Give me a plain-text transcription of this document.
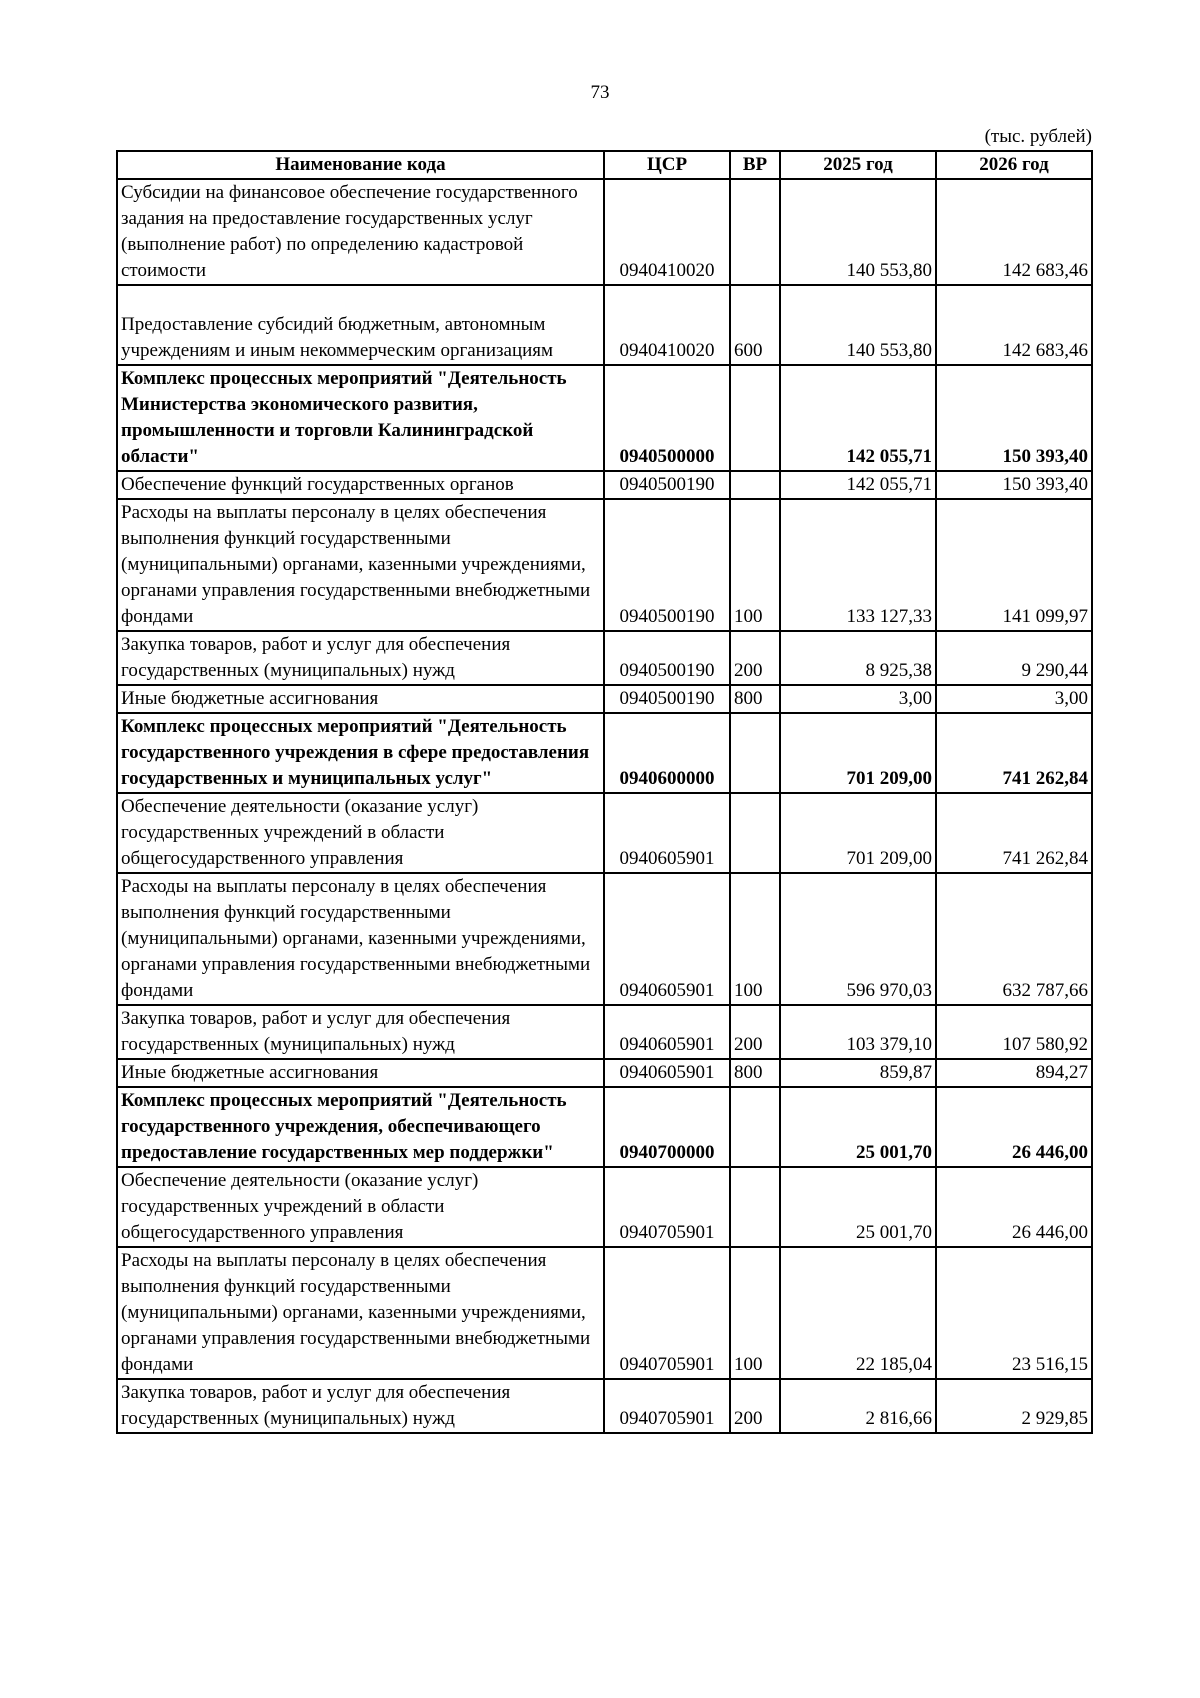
73
(тыс. рублей)
Наименование кода	ЦСР	ВР	2025 год	2026 год
Субсидии на финансовое обеспечение государственного задания на предоставление государственных услуг (выполнение работ) по определению кадастровой стоимости	0940410020		140 553,80	142 683,46
Предоставление субсидий бюджетным, автономным учреждениям и иным некоммерческим организациям	0940410020	600	140 553,80	142 683,46
Комплекс процессных мероприятий "Деятельность Министерства экономического развития, промышленности и торговли Калининградской области"	0940500000		142 055,71	150 393,40
Обеспечение функций государственных органов	0940500190		142 055,71	150 393,40
Расходы на выплаты персоналу в целях обеспечения выполнения функций государственными (муниципальными) органами, казенными учреждениями, органами управления государственными внебюджетными фондами	0940500190	100	133 127,33	141 099,97
Закупка товаров, работ и услуг для обеспечения государственных (муниципальных) нужд	0940500190	200	8 925,38	9 290,44
Иные бюджетные ассигнования	0940500190	800	3,00	3,00
Комплекс процессных мероприятий "Деятельность государственного учреждения в сфере предоставления государственных и муниципальных услуг"	0940600000		701 209,00	741 262,84
Обеспечение деятельности (оказание услуг) государственных учреждений в области общегосударственного управления	0940605901		701 209,00	741 262,84
Расходы на выплаты персоналу в целях обеспечения выполнения функций государственными (муниципальными) органами, казенными учреждениями, органами управления государственными внебюджетными фондами	0940605901	100	596 970,03	632 787,66
Закупка товаров, работ и услуг для обеспечения государственных (муниципальных) нужд	0940605901	200	103 379,10	107 580,92
Иные бюджетные ассигнования	0940605901	800	859,87	894,27
Комплекс процессных мероприятий "Деятельность государственного учреждения, обеспечивающего предоставление государственных мер поддержки"	0940700000		25 001,70	26 446,00
Обеспечение деятельности (оказание услуг) государственных учреждений в области общегосударственного управления	0940705901		25 001,70	26 446,00
Расходы на выплаты персоналу в целях обеспечения выполнения функций государственными (муниципальными) органами, казенными учреждениями, органами управления государственными внебюджетными фондами	0940705901	100	22 185,04	23 516,15
Закупка товаров, работ и услуг для обеспечения государственных (муниципальных) нужд	0940705901	200	2 816,66	2 929,85
